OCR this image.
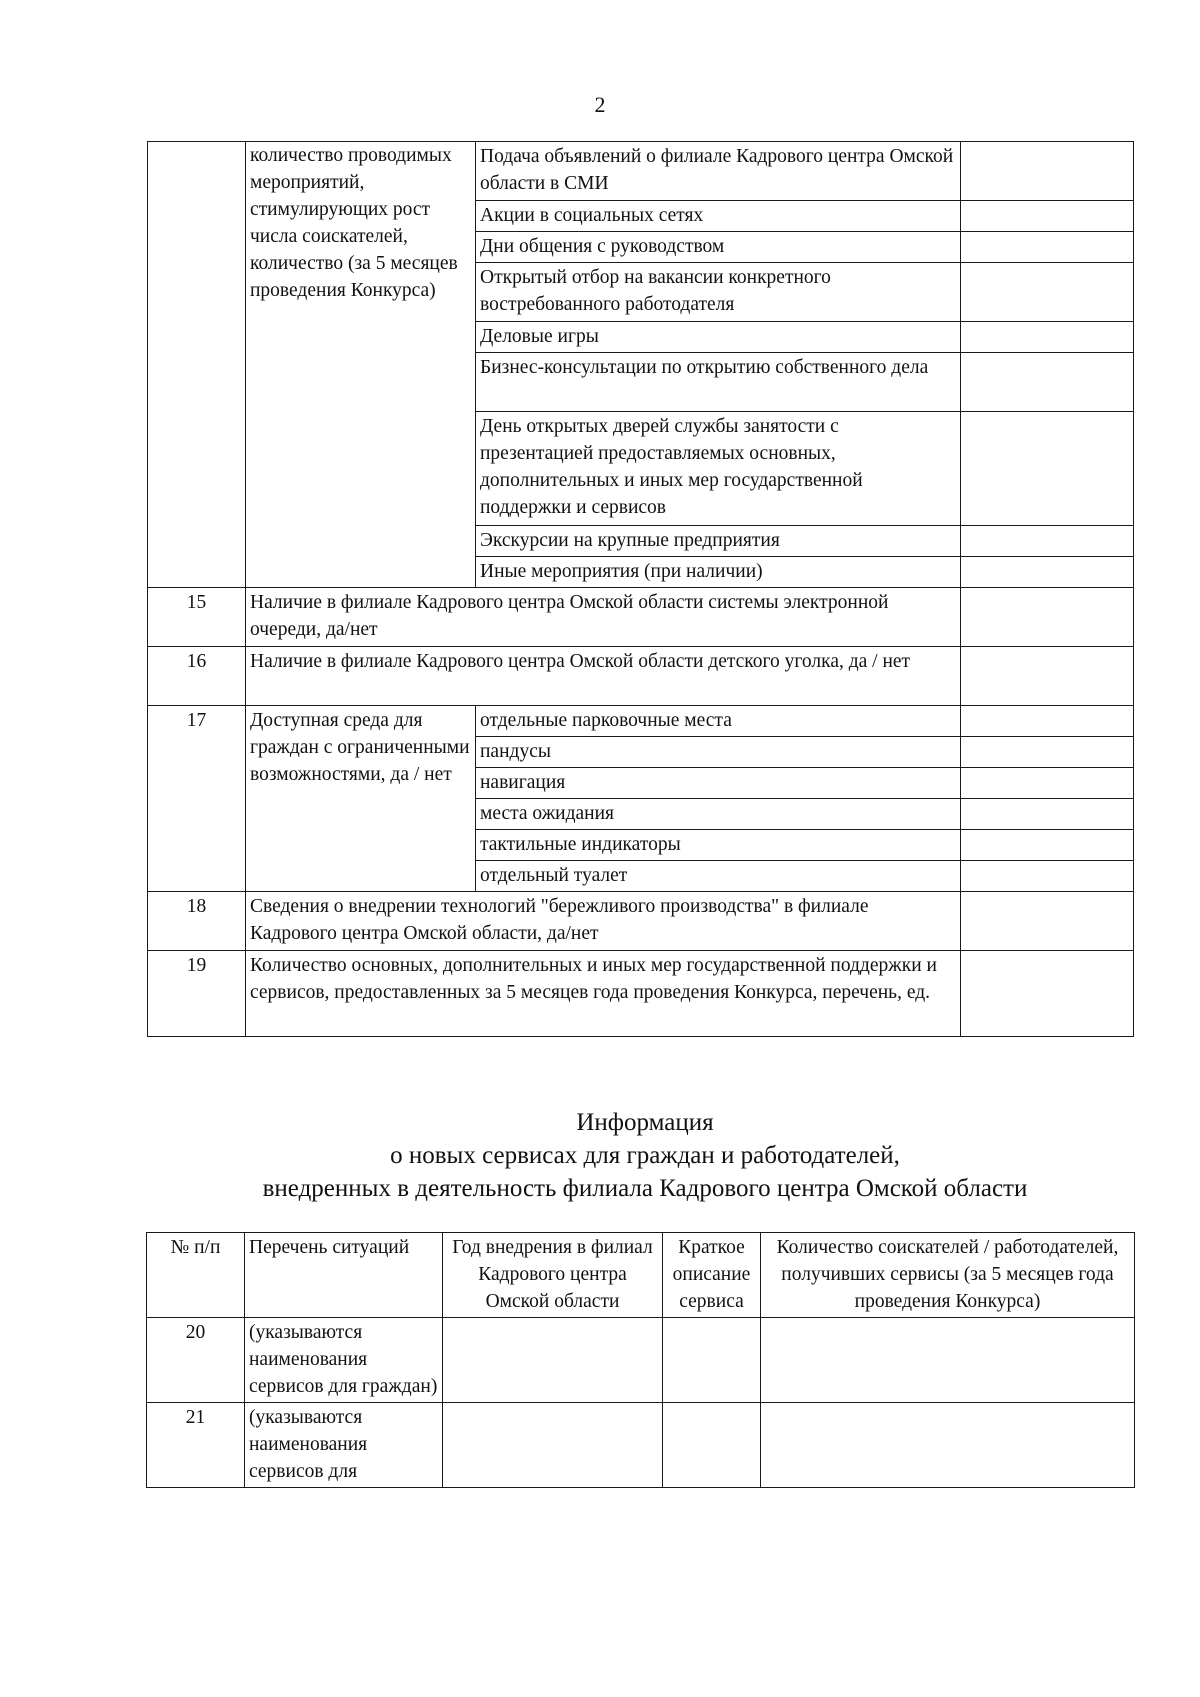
2
	количество проводимых мероприятий, стимулирующих рост числа соискателей, количество (за 5 месяцев проведения Конкурса)	Подача объявлений о филиале Кадрового центра Омской области в СМИ	
		Акции в социальных сетях	
		Дни общения с руководством	
		Открытый отбор на вакансии конкретного востребованного работодателя	
		Деловые игры	
		Бизнес-консультации по открытию собственного дела	
		День открытых дверей службы занятости с презентацией предоставляемых основных, дополнительных и иных мер государственной поддержки и сервисов	
		Экскурсии на крупные предприятия	
		Иные мероприятия (при наличии)	
15	Наличие в филиале Кадрового центра Омской области системы электронной очереди, да/нет		
16	Наличие в филиале Кадрового центра Омской области детского уголка, да / нет		
17	Доступная среда для граждан с ограниченными возможностями, да / нет	отдельные парковочные места	
		пандусы	
		навигация	
		места ожидания	
		тактильные индикаторы	
		отдельный туалет	
18	Сведения о внедрении технологий "бережливого производства" в филиале Кадрового центра Омской области, да/нет		
19	Количество основных, дополнительных и иных мер государственной поддержки и сервисов, предоставленных за 5 месяцев года проведения Конкурса, перечень, ед.		
Информация
о новых сервисах для граждан и работодателей,
внедренных в деятельность филиала Кадрового центра Омской области
№ п/п	Перечень ситуаций	Год внедрения в филиал Кадрового центра Омской области	Краткое описание сервиса	Количество соискателей / работодателей, получивших сервисы (за 5 месяцев года проведения Конкурса)
20	(указываются наименования сервисов для граждан)			
21	(указываются наименования сервисов для			
